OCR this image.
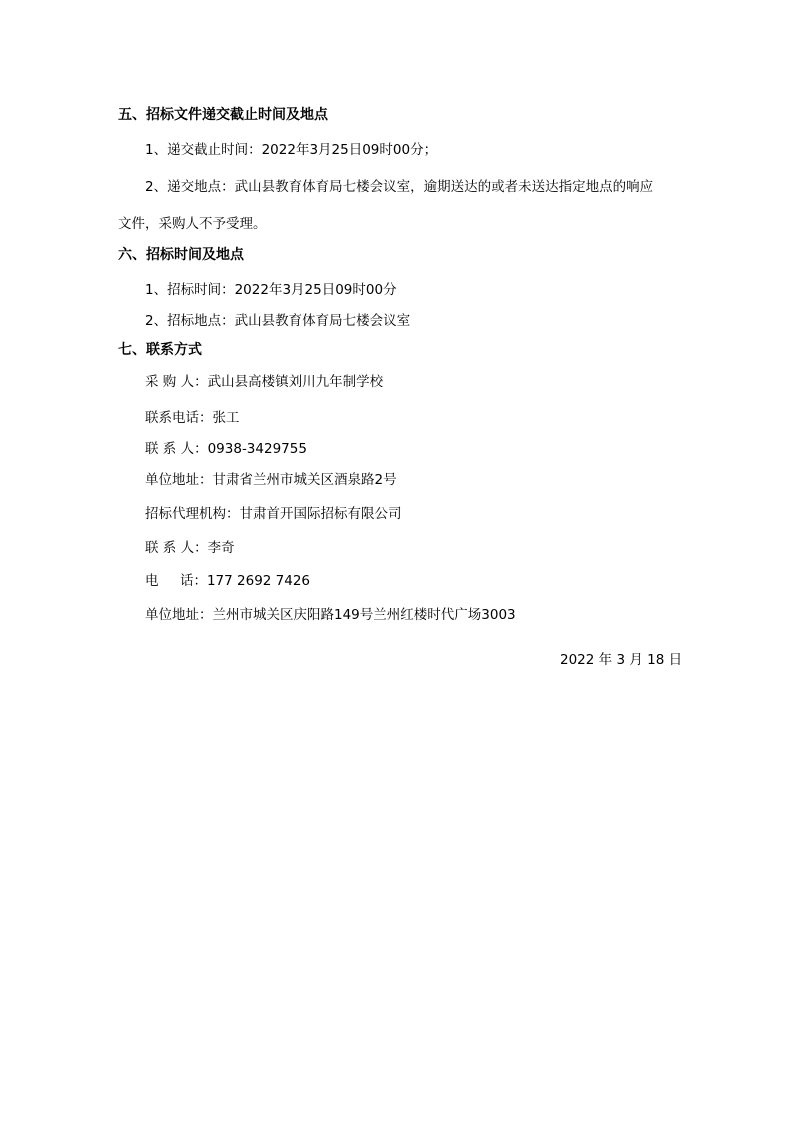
五、招标文件递交截止时间及地点
1、递交截止时间：2022年3月25日09时00分；
2、递交地点：武山县教育体育局七楼会议室，逾期送达的或者未送达指定地点的响应
文件，采购人不予受理。
六、招标时间及地点
1、招标时间：2022年3月25日09时00分
2、招标地点：武山县教育体育局七楼会议室
七、联系方式
采 购 人：武山县高楼镇刘川九年制学校
联系电话：张工
联 系 人：0938-3429755
单位地址：甘肃省兰州市城关区酒泉路2号
招标代理机构：甘肃首开国际招标有限公司
联 系 人：李奇
电     话：177 2692 7426
单位地址：兰州市城关区庆阳路149号兰州红楼时代广场3003
2022 年 3 月 18 日
